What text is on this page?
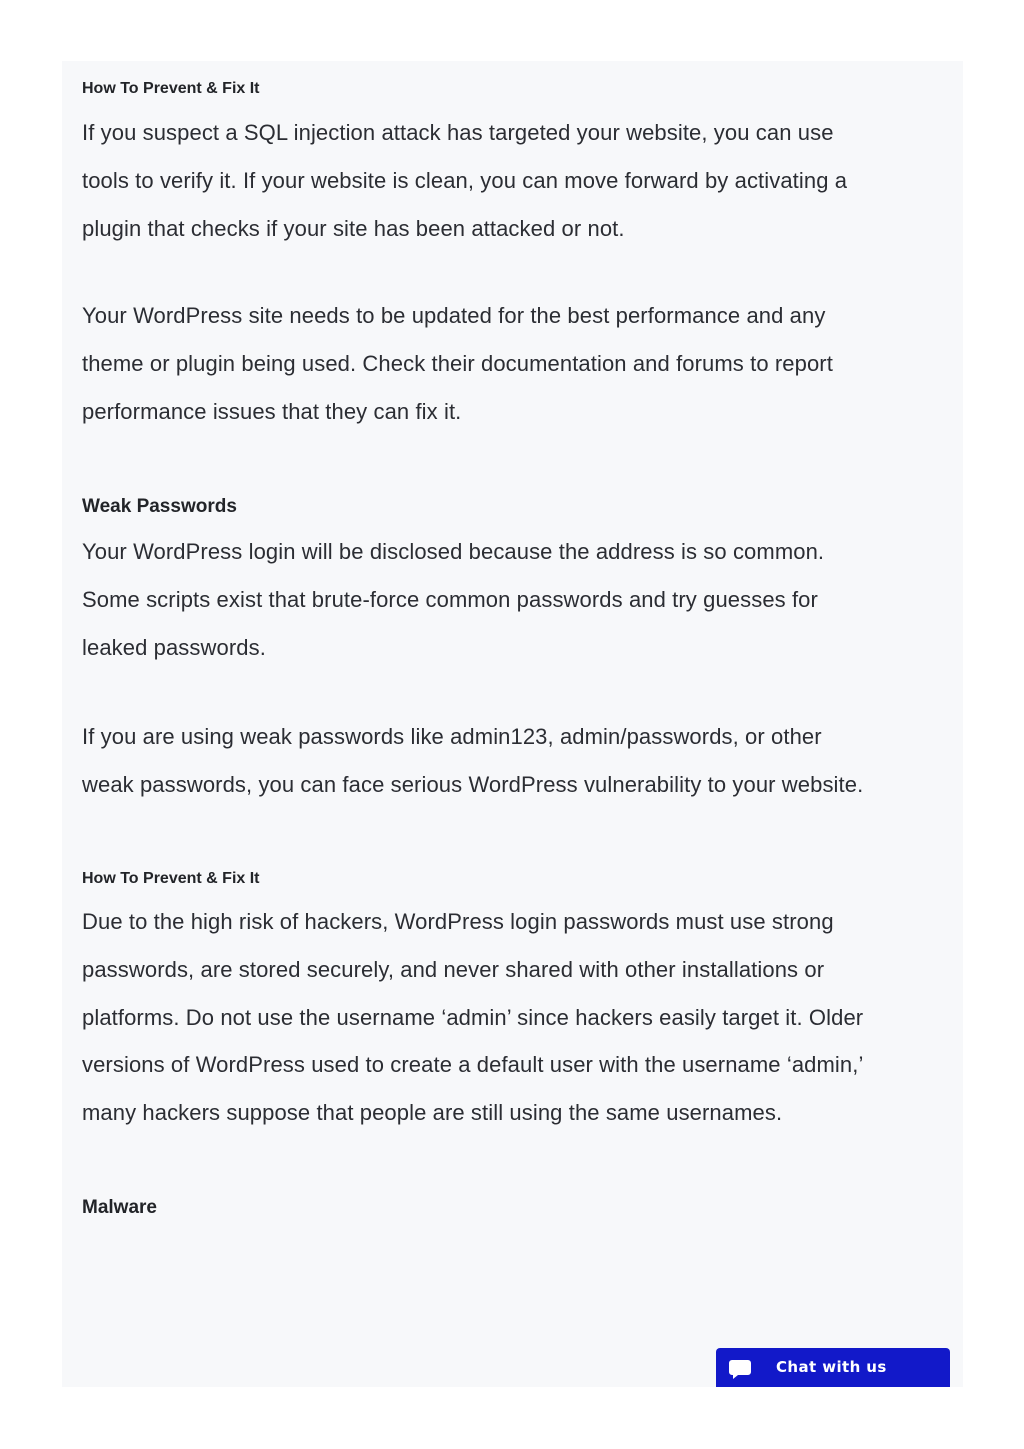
How To Prevent & Fix It

If you suspect a SQL injection attack has targeted your website, you can use
tools to verify it. If your website is clean, you can move forward by activating a
plugin that checks if your site has been attacked or not.

Your WordPress site needs to be updated for the best performance and any
theme or plugin being used. Check their documentation and forums to report
performance issues that they can fix it.

Weak Passwords

Your WordPress login will be disclosed because the address is so common.
Some scripts exist that brute-force common passwords and try guesses for
leaked passwords.

If you are using weak passwords like admin123, admin/passwords, or other
weak passwords, you can face serious WordPress vulnerability to your website.

How To Prevent & Fix It

Due to the high risk of hackers, WordPress login passwords must use strong
passwords, are stored securely, and never shared with other installations or
platforms. Do not use the username ‘admin’ since hackers easily target it. Older
versions of WordPress used to create a default user with the username ‘admin,’
many hackers suppose that people are still using the same usernames.

Malware
Chat with us
